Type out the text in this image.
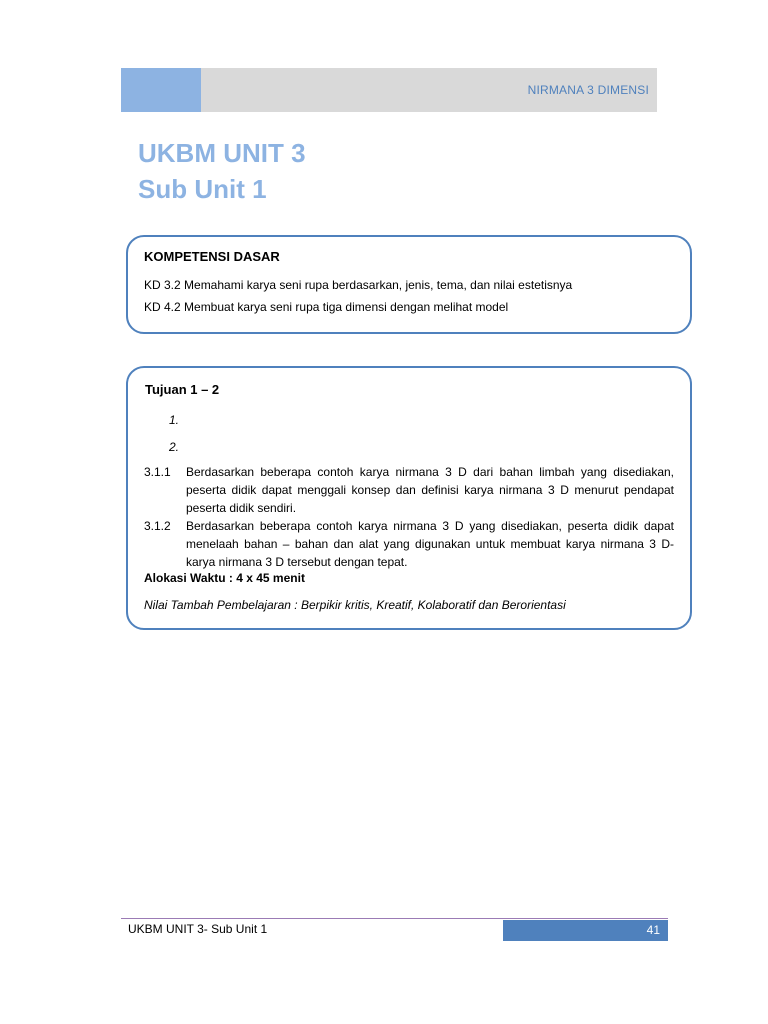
NIRMANA 3 DIMENSI
UKBM UNIT 3
Sub Unit 1
KOMPETENSI DASAR
KD 3.2 Memahami karya seni rupa berdasarkan, jenis, tema, dan nilai estetisnya
KD 4.2 Membuat karya seni rupa tiga dimensi dengan melihat model
Tujuan 1 – 2
1.
2.
3.1.1 Berdasarkan beberapa contoh karya nirmana 3 D dari bahan limbah yang disediakan, peserta didik dapat menggali konsep dan definisi karya nirmana 3 D menurut pendapat peserta didik sendiri.
3.1.2 Berdasarkan beberapa contoh karya nirmana 3 D yang disediakan, peserta didik dapat menelaah bahan – bahan dan alat yang digunakan untuk membuat karya nirmana 3 D-karya nirmana 3 D tersebut dengan tepat.
Alokasi Waktu : 4 x 45 menit
Nilai Tambah Pembelajaran : Berpikir kritis, Kreatif, Kolaboratif dan Berorientasi
UKBM UNIT 3- Sub Unit 1	41
